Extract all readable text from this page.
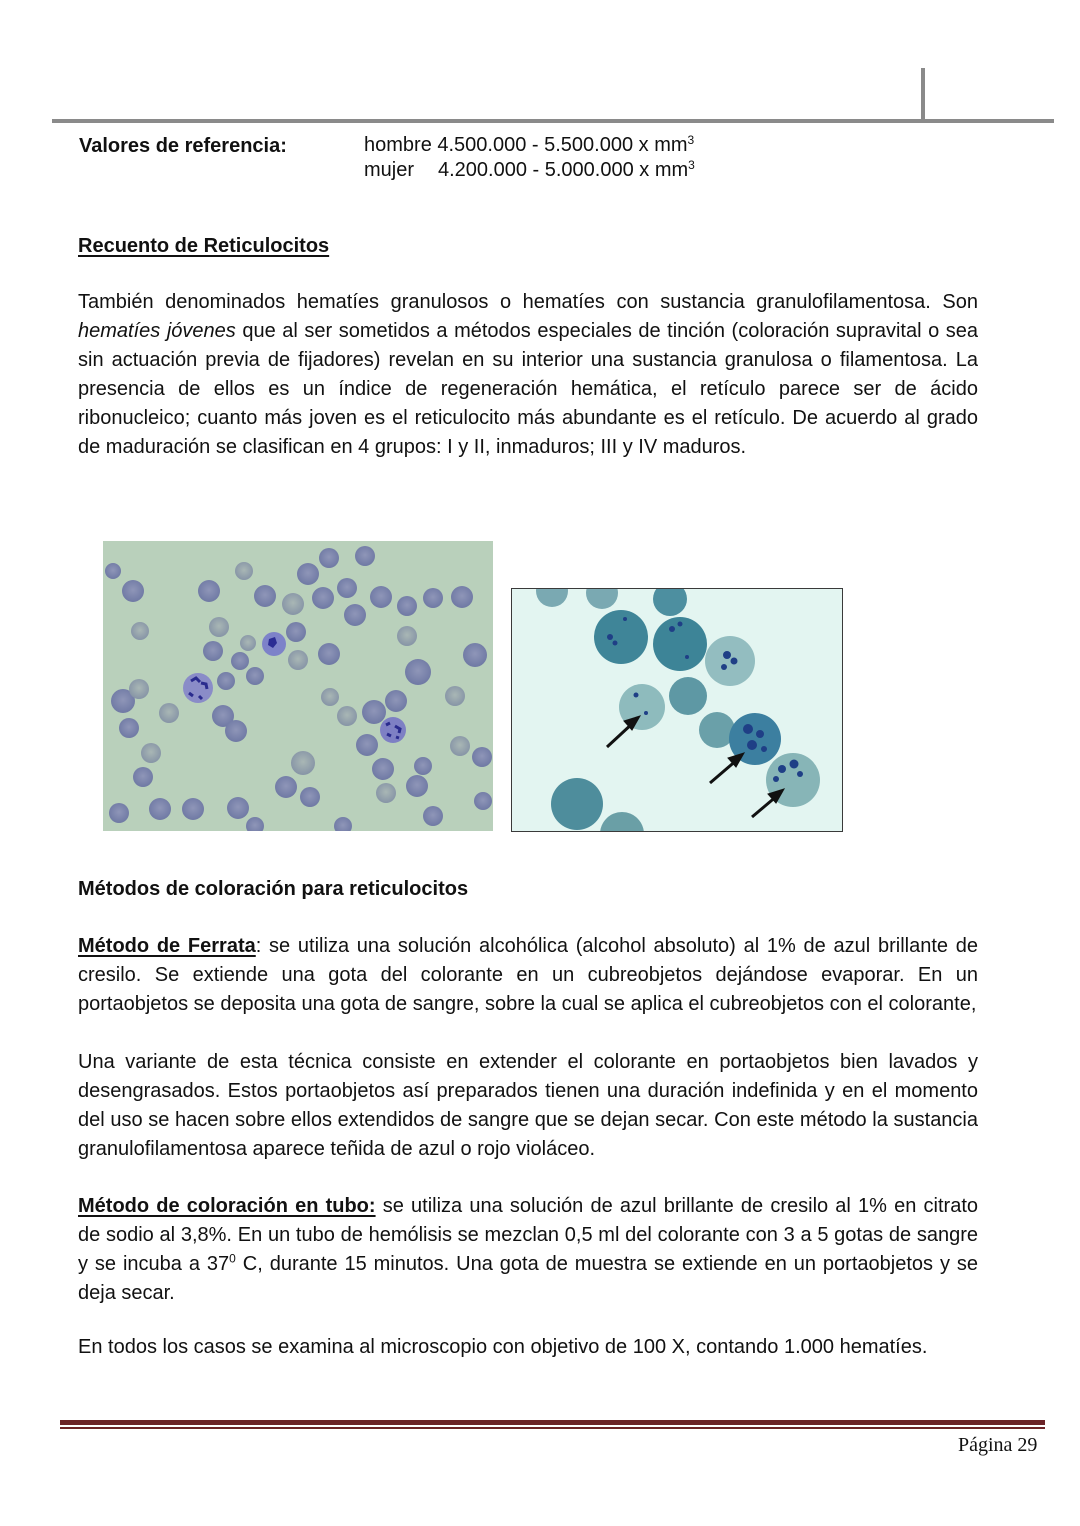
Valores de referencia:	hombre 4.500.000 - 5.500.000 x $mm^3$
mujer 4.200.000 - 5.000.000 x $mm^3$
Recuento de Reticulocitos
También denominados hematíes granulosos o hematíes con sustancia granulofilamentosa. Son hematíes jóvenes que al ser sometidos a métodos especiales de tinción (coloración supravital o sea sin actuación previa de fijadores) revelan en su interior una sustancia granulosa o filamentosa. La presencia de ellos es un índice de regeneración hemática, el retículo parece ser de ácido ribonucleico; cuanto más joven es el reticulocito más abundante es el retículo. De acuerdo al grado de maduración se clasifican en 4 grupos: I y II, inmaduros; III y IV maduros.
Métodos de coloración para reticulocitos
Método de Ferrata: se utiliza una solución alcohólica (alcohol absoluto) al 1% de azul brillante de cresilo. Se extiende una gota del colorante en un cubreobjetos dejándose evaporar. En un portaobjetos se deposita una gota de sangre, sobre la cual se aplica el cubreobjetos con el colorante,
Una variante de esta técnica consiste en extender el colorante en portaobjetos bien lavados y desengrasados. Estos portaobjetos así preparados tienen una duración indefinida y en el momento del uso se hacen sobre ellos extendidos de sangre que se dejan secar. Con este método la sustancia granulofilamentosa aparece teñida de azul o rojo violáceo.
Método de coloración en tubo: se utiliza una solución de azul brillante de cresilo al 1% en citrato de sodio al 3,8%. En un tubo de hemólisis se mezclan 0,5 ml del colorante con 3 a 5 gotas de sangre y se incuba a $37^0$ C, durante 15 minutos. Una gota de muestra se extiende en un portaobjetos y se deja secar.
En todos los casos se examina al microscopio con objetivo de 100 X, contando 1.000 hematíes.
Página 29
